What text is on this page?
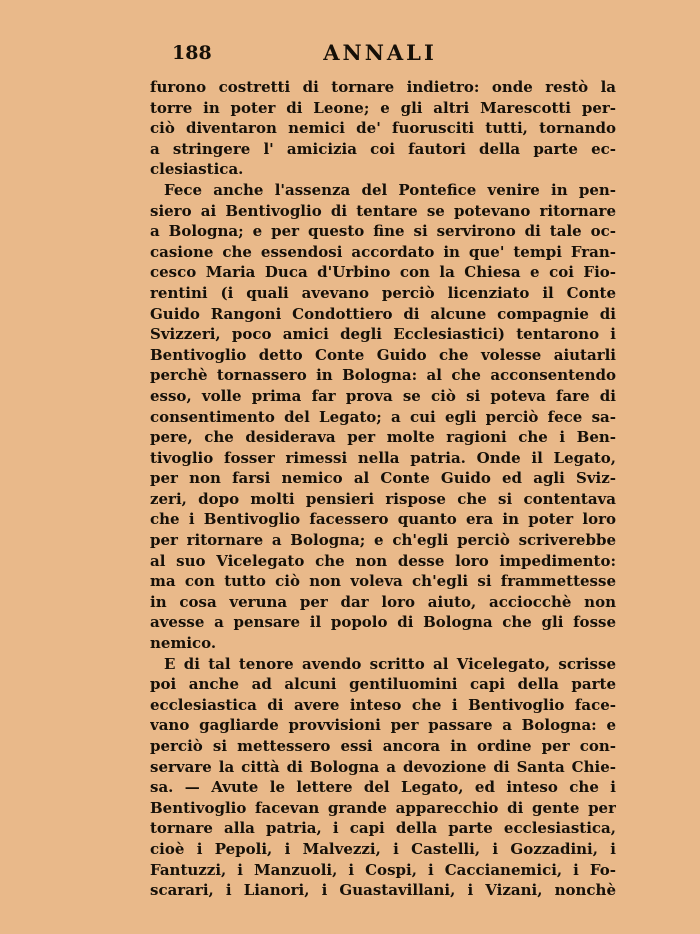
188	ANNALI
furono costretti di tornare indietro: onde restò la
torre in poter di Leone; e gli altri Marescotti per-
ciò diventaron nemici de' fuorusciti tutti, tornando
a stringere l' amicizia coi fautori della parte ec-
clesiastica.
Fece anche l'assenza del Pontefice venire in pen-
siero ai Bentivoglio di tentare se potevano ritornare
a Bologna; e per questo fine si servirono di tale oc-
casione che essendosi accordato in que' tempi Fran-
cesco Maria Duca d'Urbino con la Chiesa e coi Fio-
rentini (i quali avevano perciò licenziato il Conte
Guido Rangoni Condottiero di alcune compagnie di
Svizzeri, poco amici degli Ecclesiastici) tentarono i
Bentivoglio detto Conte Guido che volesse aiutarli
perchè tornassero in Bologna: al che acconsentendo
esso, volle prima far prova se ciò si poteva fare di
consentimento del Legato; a cui egli perciò fece sa-
pere, che desiderava per molte ragioni che i Ben-
tivoglio fosser rimessi nella patria. Onde il Legato,
per non farsi nemico al Conte Guido ed agli Sviz-
zeri, dopo molti pensieri rispose che si contentava
che i Bentivoglio facessero quanto era in poter loro
per ritornare a Bologna; e ch'egli perciò scriverebbe
al suo Vicelegato che non desse loro impedimento:
ma con tutto ciò non voleva ch'egli si frammettesse
in cosa veruna per dar loro aiuto, acciocchè non
avesse a pensare il popolo di Bologna che gli fosse
nemico.
E di tal tenore avendo scritto al Vicelegato, scrisse
poi anche ad alcuni gentiluomini capi della parte
ecclesiastica di avere inteso che i Bentivoglio face-
vano gagliarde provvisioni per passare a Bologna: e
perciò si mettessero essi ancora in ordine per con-
servare la città di Bologna a devozione di Santa Chie-
sa. — Avute le lettere del Legato, ed inteso che i
Bentivoglio facevan grande apparecchio di gente per
tornare alla patria, i capi della parte ecclesiastica,
cioè i Pepoli, i Malvezzi, i Castelli, i Gozzadini, i
Fantuzzi, i Manzuoli, i Cospi, i Caccianemici, i Fo-
scarari, i Lianori, i Guastavillani, i Vizani, nonchè
